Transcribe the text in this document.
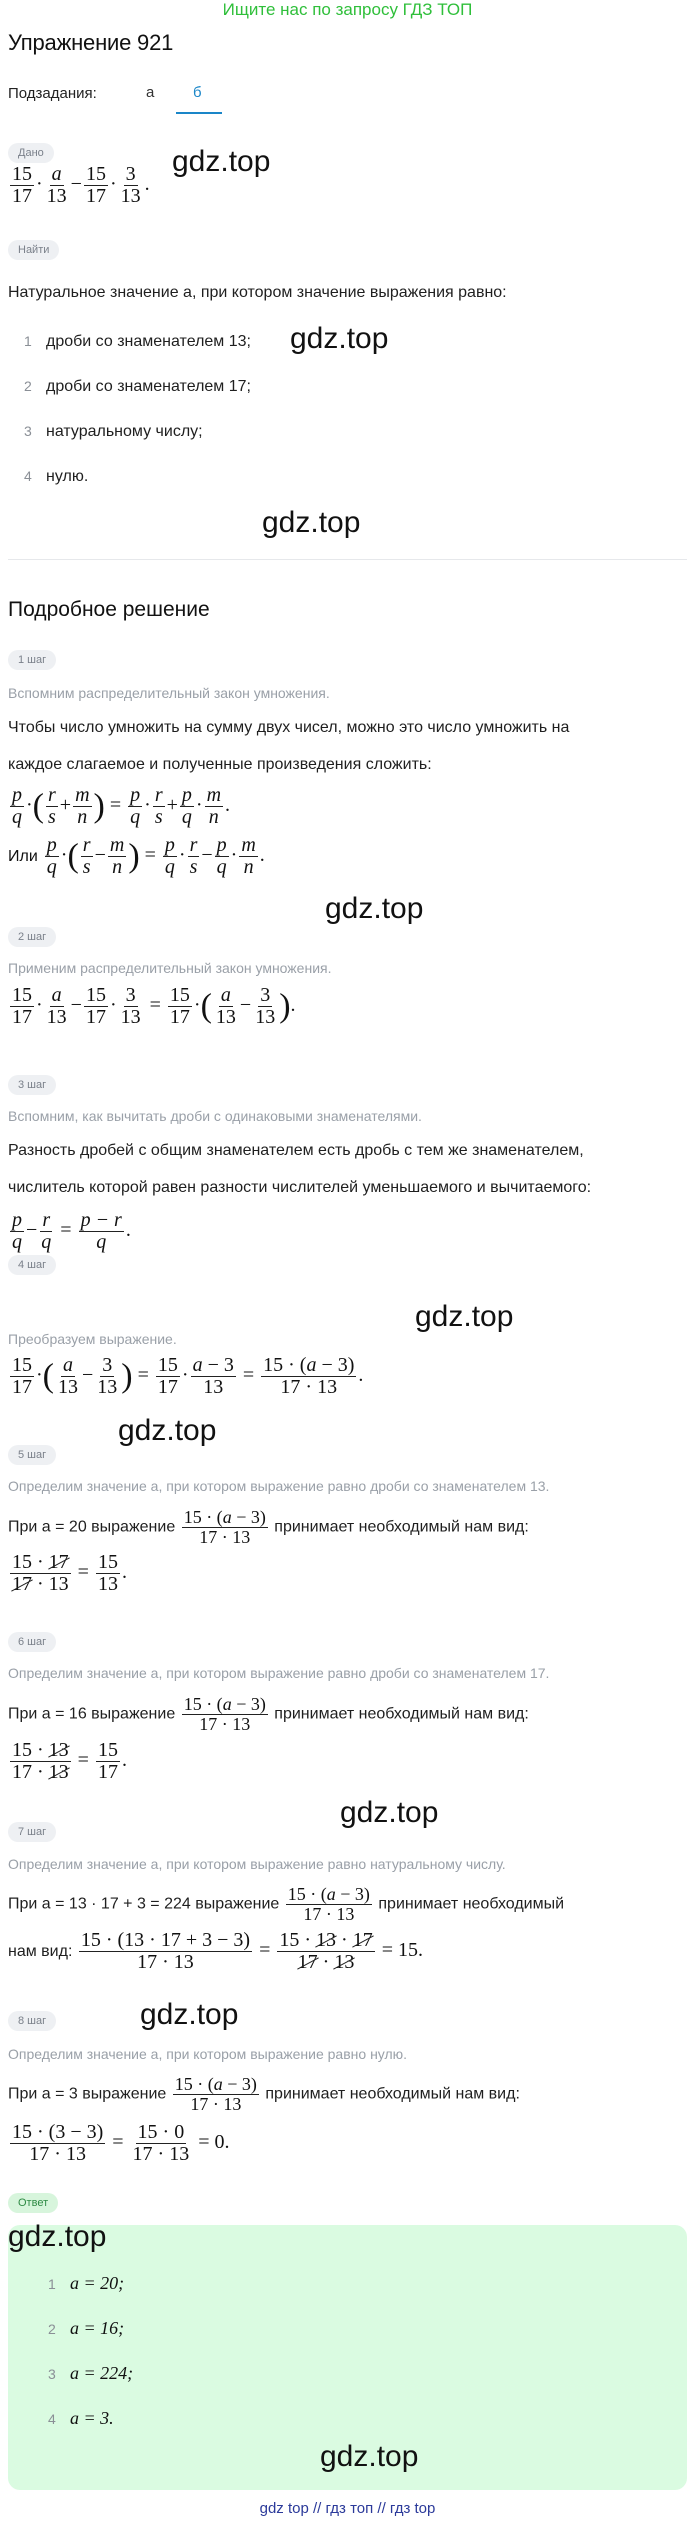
Ищите нас по запросу ГДЗ ТОП
Упражнение 921
Подзадания:	а	б
Дано
$\frac{15}{17} \cdot \frac{a}{13} - \frac{15}{17} \cdot \frac{3}{13}$ .
gdz.top
Найти
Натуральное значение a, при котором значение выражения равно:
1 дроби со знаменателем 13; gdz.top
2 дроби со знаменателем 17;
3 натуральному числу;
4 нулю.
gdz.top
Подробное решение
1 шаг
Вспомним распределительный закон умножения.
Чтобы число умножить на сумму двух чисел, можно это число умножить на
каждое слагаемое и полученные произведения сложить:
$\frac{p}{q}$ ·( $\frac{r}{s} + \frac{m}{n}$ ) = $\frac{p}{q} \cdot \frac{r}{s} + \frac{p}{q} \cdot \frac{m}{n}$ .
Или $\frac{p}{q}$ ·( $\frac{r}{s} - \frac{m}{n}$ ) = $\frac{p}{q} \cdot \frac{r}{s} - \frac{p}{q} \cdot \frac{m}{n}$ .
gdz.top
2 шаг
Применим распределительный закон умножения.
$\frac{15}{17} \cdot \frac{a}{13} - \frac{15}{17} \cdot \frac{3}{13} = \frac{15}{17}$ ·( $\frac{a}{13} - \frac{3}{13}$ ).
3 шаг
Вспомним, как вычитать дроби с одинаковыми знаменателями.
Разность дробей с общим знаменателем есть дробь с тем же знаменателем,
числитель которой равен разности числителей уменьшаемого и вычитаемого:
$\frac{p}{q} - \frac{r}{q} = \frac{p - r}{q}$ .
4 шаг
gdz.top
Преобразуем выражение.
$\frac{15}{17}$ ·( $\frac{a}{13} - \frac{3}{13}$ ) = $\frac{15}{17} \cdot \frac{a - 3}{13} = \frac{15 \cdot (a - 3)}{17 \cdot 13}$ .
gdz.top
5 шаг
Определим значение a, при котором выражение равно дроби со знаменателем 13.
При a = 20 выражение $\frac{15 \cdot (a - 3)}{17 \cdot 13}$ принимает необходимый нам вид:
$\frac{15 \cdot 17}{17 \cdot 13} = \frac{15}{13}$ .
6 шаг
Определим значение a, при котором выражение равно дроби со знаменателем 17.
При a = 16 выражение $\frac{15 \cdot (a - 3)}{17 \cdot 13}$ принимает необходимый нам вид:
$\frac{15 \cdot 13}{17 \cdot 13} = \frac{15}{17}$ .
gdz.top
7 шаг
Определим значение a, при котором выражение равно натуральному числу.
При a = 13 · 17 + 3 = 224 выражение $\frac{15 \cdot (a - 3)}{17 \cdot 13}$ принимает необходимый
нам вид: $\frac{15 \cdot (13 \cdot 17 + 3 - 3)}{17 \cdot 13} = \frac{15 \cdot 13 \cdot 17}{17 \cdot 13} = 15$.
gdz.top
8 шаг
Определим значение a, при котором выражение равно нулю.
При a = 3 выражение $\frac{15 \cdot (a - 3)}{17 \cdot 13}$ принимает необходимый нам вид:
$\frac{15 \cdot (3 - 3)}{17 \cdot 13} = \frac{15 \cdot 0}{17 \cdot 13} = 0$.
Ответ
gdz.top
1 a = 20;
2 a = 16;
3 a = 224;
4 a = 3.
gdz.top
gdz top // гдз топ // гдз top
